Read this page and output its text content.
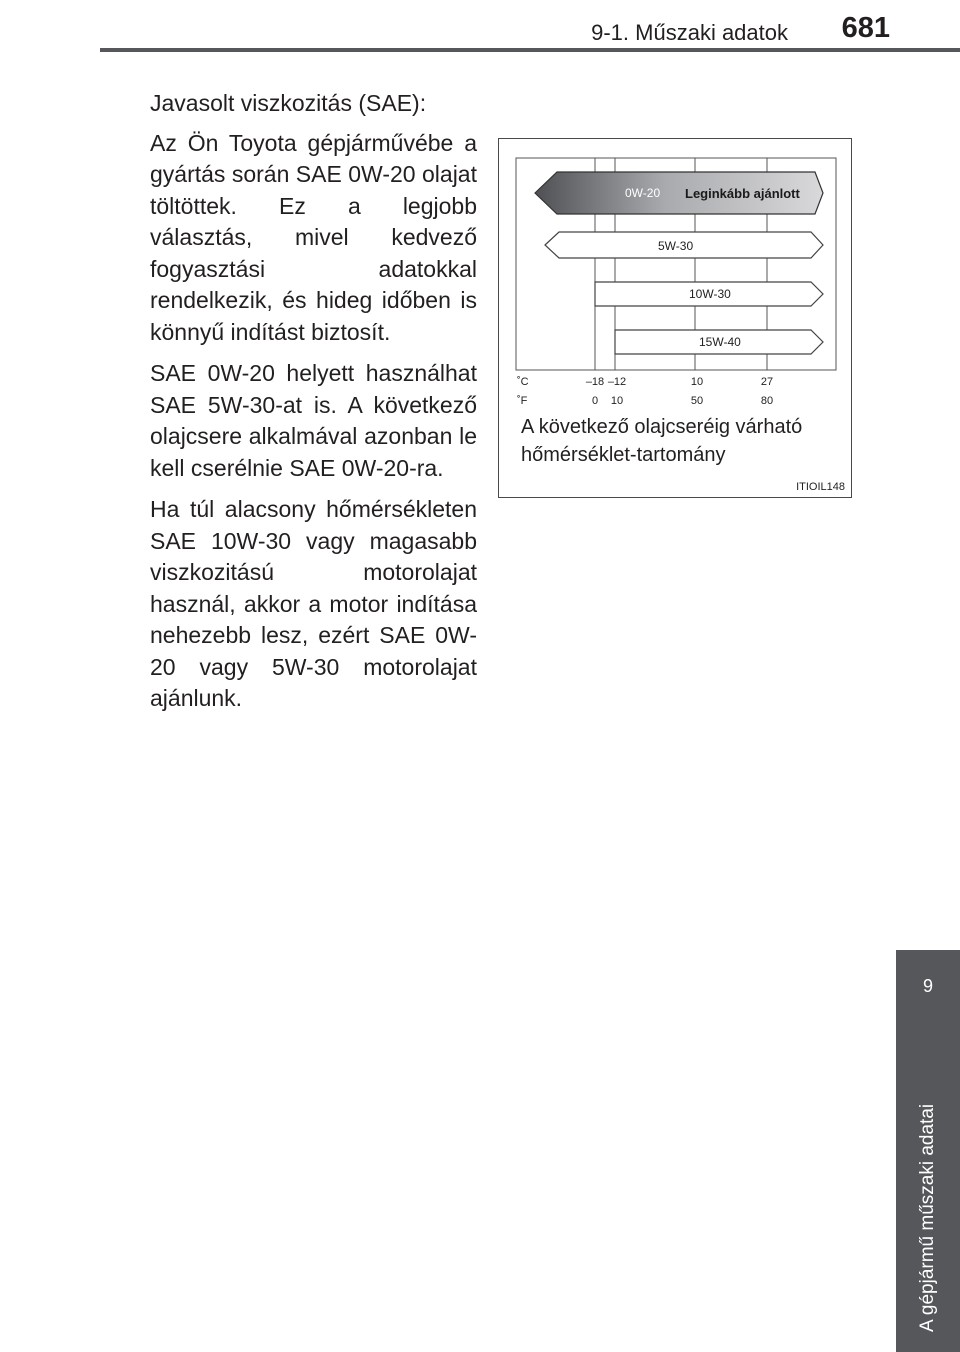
9-1. Műszaki adatok	681

Javasolt viszkozitás (SAE):

Az Ön Toyota gépjárművébe a gyártás során SAE 0W-20 olajat töltöttek. Ez a legjobb választás, mivel kedvező fogyasztási adatokkal rendelkezik, és hideg időben is könnyű indítást biztosít.

SAE 0W-20 helyett használhat SAE 5W-30-at is. A következő olajcsere alkalmával azonban le kell cserélnie SAE 0W-20-ra.

Ha túl alacsony hőmérsékleten SAE 10W-30 vagy magasabb viszkozitású motorolajat használ, akkor a motor indítása nehezebb lesz, ezért SAE 0W-20 vagy 5W-30 motorolajat ajánlunk.

0W-20 Leginkább ajánlott
5W-30
10W-30
15W-40
˚C
˚F
–18 –12	10	27
0 10	50	80
A következő olajcseréig várható
hőmérséklet-tartomány
ITIOIL148
9
A gépjármű műszaki adatai
